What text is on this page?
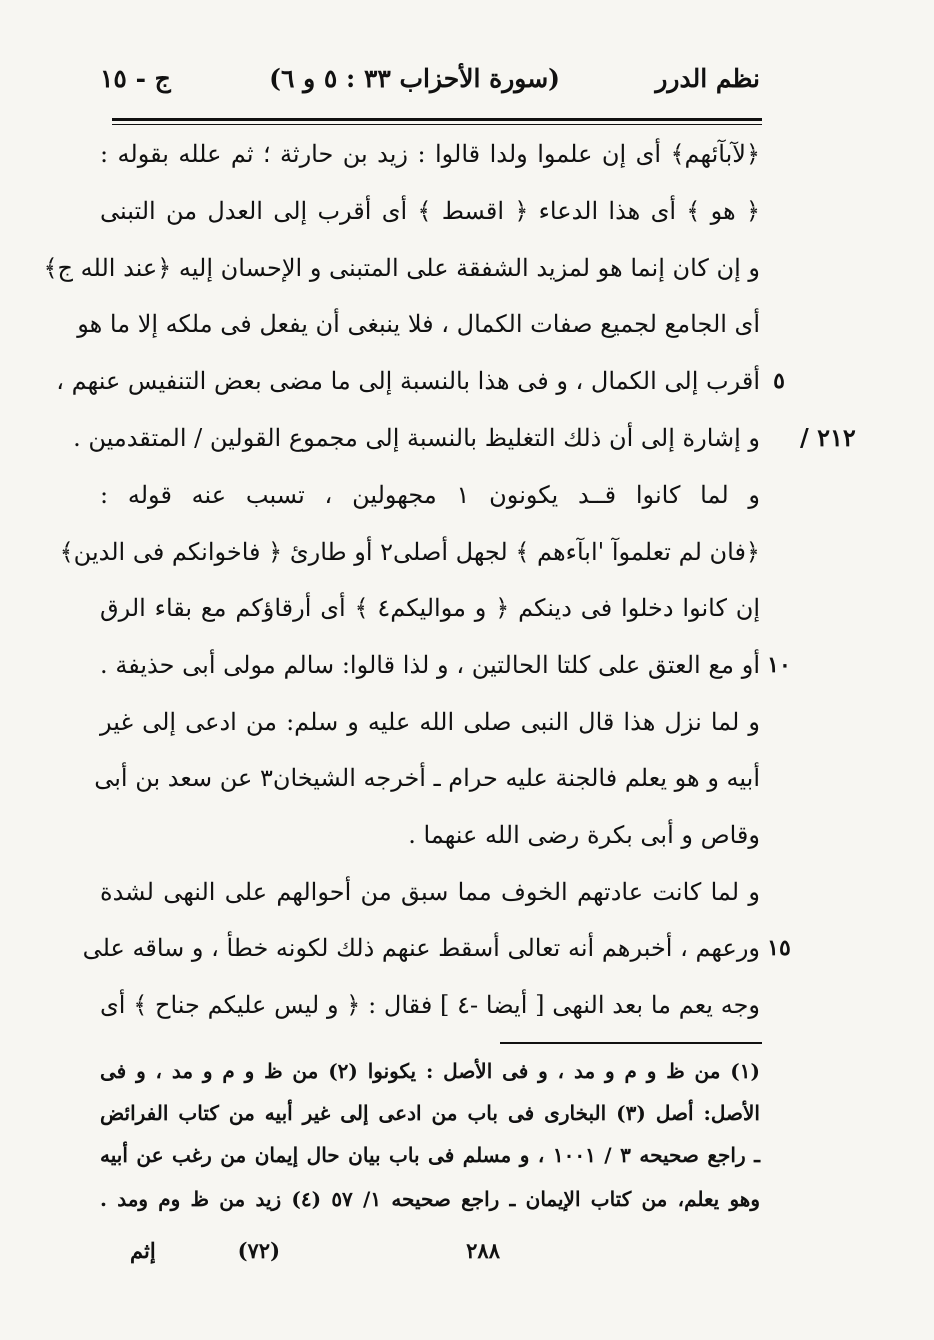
نظم الدرر
(سورة الأحزاب ٣٣ : ٥ و ٦)
ج - ١٥
٢١٢ /
﴿لآبآئهم﴾ أى إن علموا ولدا قالوا : زيد بن حارثة ؛ ثم علله بقوله :
﴿ هو ﴾ أى هذا الدعاء ﴿ اقسط ﴾ أى أقرب إلى العدل من التبنى
و إن كان إنما هو لمزيد الشفقة على المتبنى و الإحسان إليه ﴿عند الله ج﴾
أى الجامع لجميع صفات الكمال ، فلا ينبغى أن يفعل فى ملكه إلا ما هو
٥
أقرب إلى الكمال ، و فى هذا بالنسبة إلى ما مضى بعض التنفيس عنهم ،
و إشارة إلى أن ذلك التغليظ بالنسبة إلى مجموع القولين / المتقدمين .
و لما كانوا قــد يكونون ١ مجهولين ، تسبب عنه قوله :
﴿فان لم تعلموآ 'ابآءهم ﴾ لجهل أصلى٢ أو طارئ ﴿ فاخوانكم فى الدين﴾
إن كانوا دخلوا فى دينكم ﴿ و مواليكم٤ ﴾ أى أرقاؤكم مع بقاء الرق
١٠
أو مع العتق على كلتا الحالتين ، و لذا قالوا: سالم مولى أبى حذيفة .
و لما نزل هذا قال النبى صلى الله عليه و سلم: من ادعى إلى غير
أبيه و هو يعلم فالجنة عليه حرام ـ أخرجه الشيخان٣ عن سعد بن أبى
وقاص و أبى بكرة رضى الله عنهما .
و لما كانت عادتهم الخوف مما سبق من أحوالهم على النهى لشدة
١٥
ورعهم ، أخبرهم أنه تعالى أسقط عنهم ذلك لكونه خطأ ، و ساقه على
وجه يعم ما بعد النهى [ أيضا -٤ ] فقال : ﴿ و ليس عليكم جناح ﴾ أى
(١) من ظ و م و مد ، و فى الأصل : يكونوا (٢) من ظ و م و مد ، و فى
الأصل: أصل (٣) البخارى فى باب من ادعى إلى غير أبيه من كتاب الفرائض
ـ راجع صحيحه ٣ / ١٠٠١ ، و مسلم فى باب بيان حال إيمان من رغب عن أبيه
وهو يعلم، من كتاب الإيمان ـ راجع صحيحه ١/ ٥٧ (٤) زيد من ظ وم ومد .
٢٨٨
(٧٢)
إثم
